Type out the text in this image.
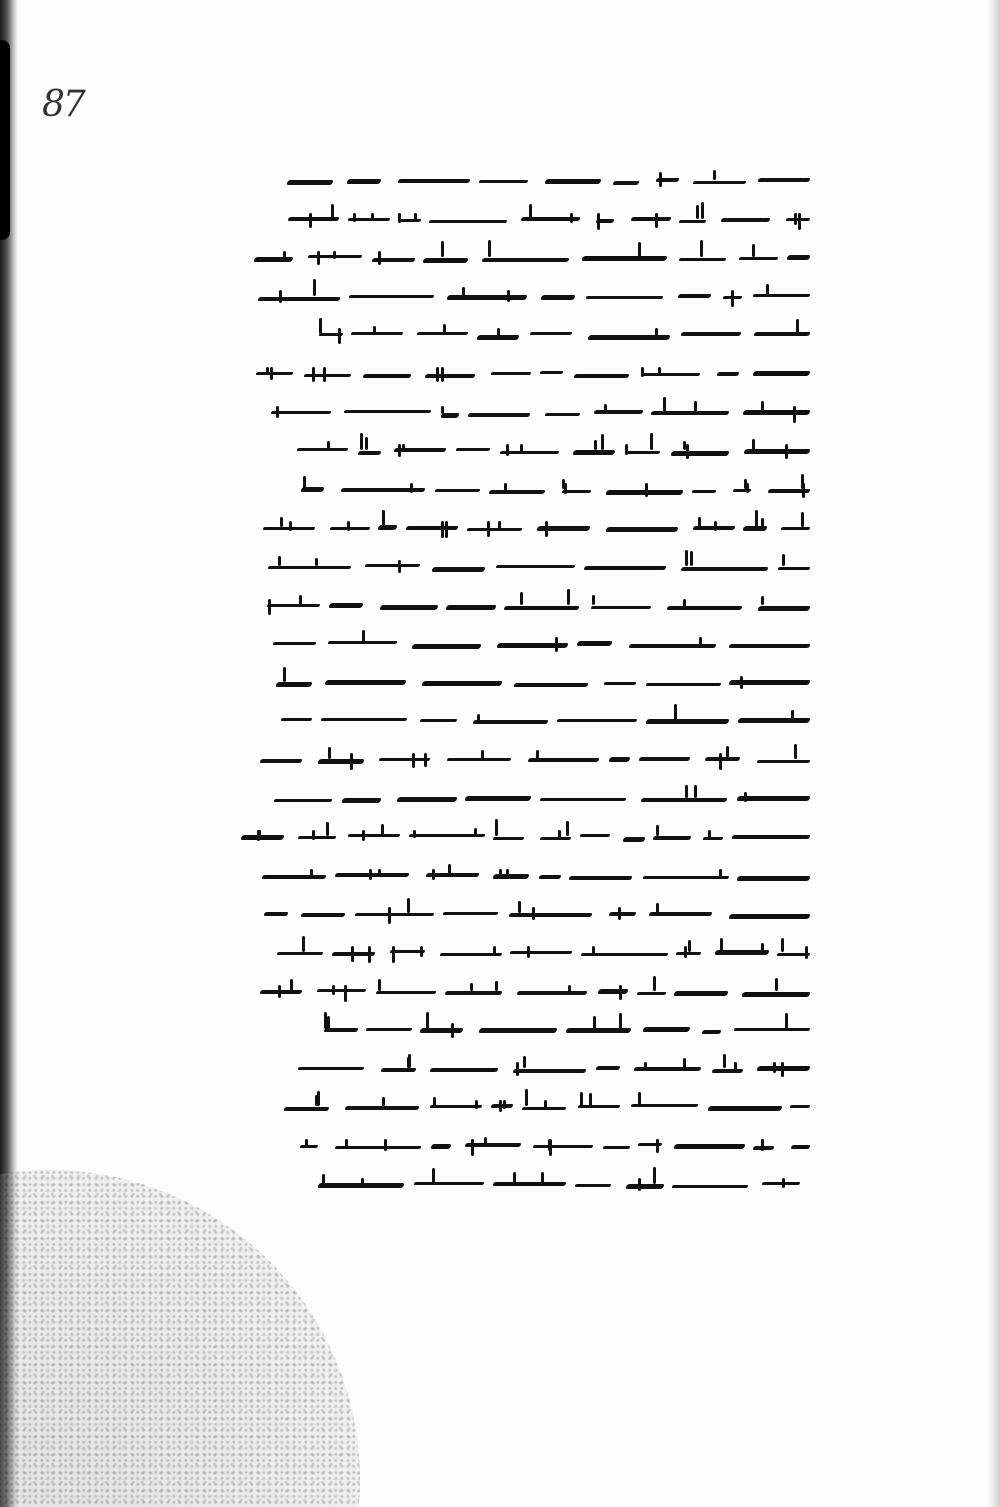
87
